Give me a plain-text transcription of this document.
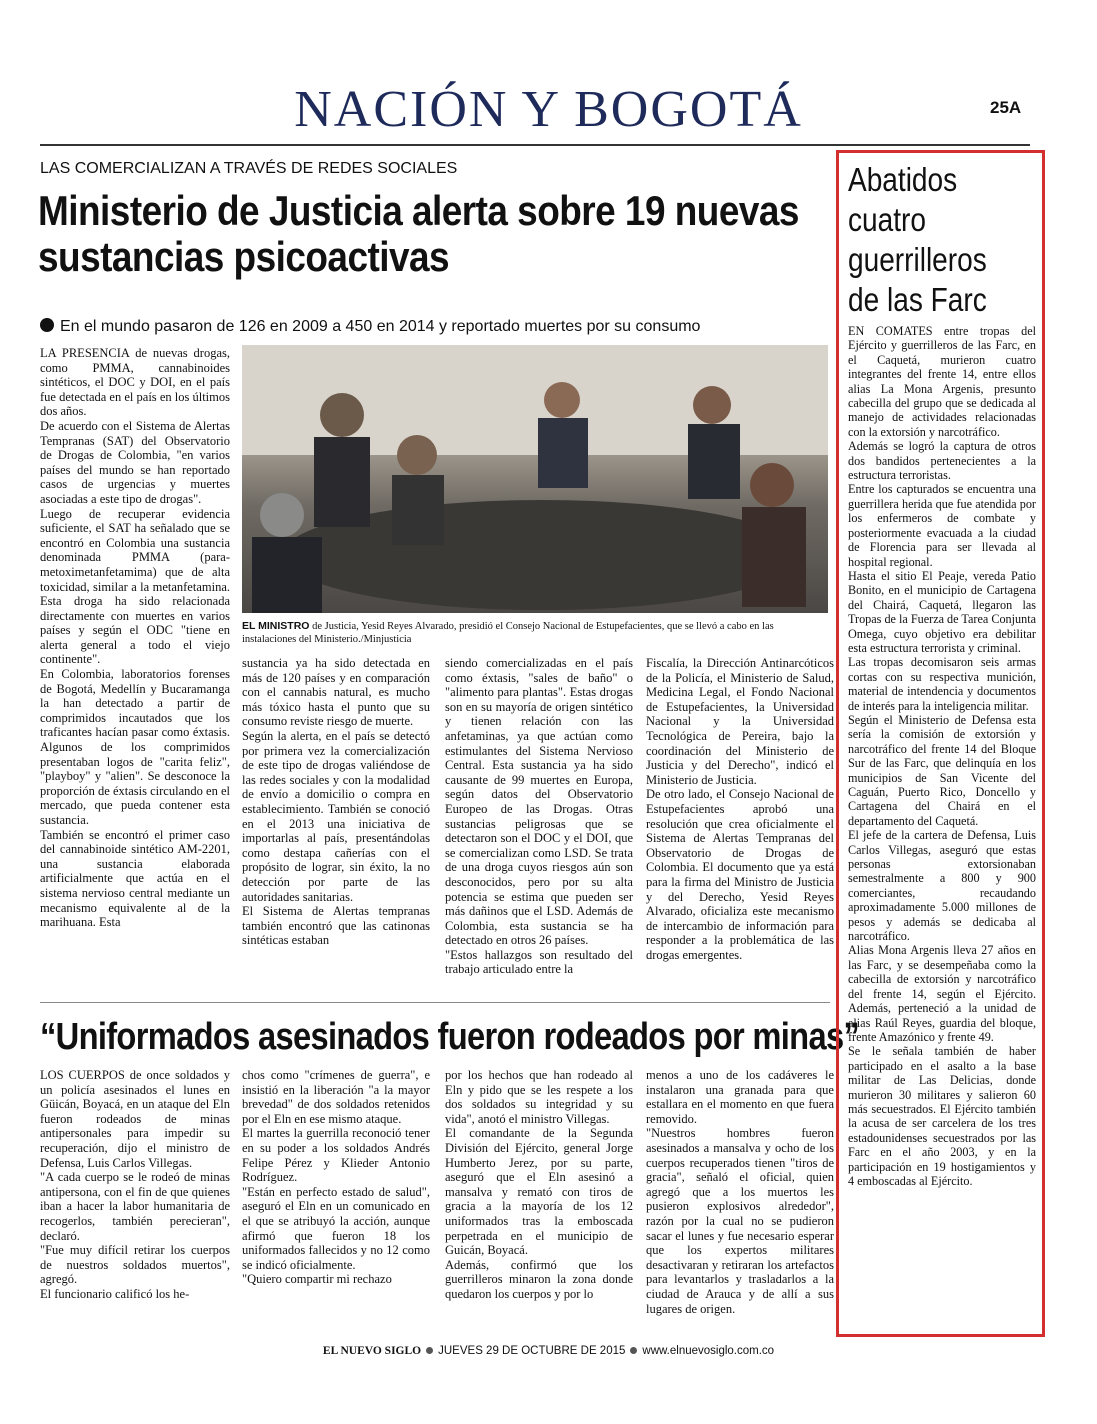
NACIÓN Y BOGOTÁ	25A
LAS COMERCIALIZAN A TRAVÉS DE REDES SOCIALES
Ministerio de Justicia alerta sobre 19 nuevas sustancias psicoactivas
En el mundo pasaron de 126 en 2009 a 450 en 2014 y reportado muertes por su consumo
LA PRESENCIA de nuevas drogas, como PMMA, cannabinoides sintéticos, el DOC y DOI, en el país fue detectada en el país en los últimos dos años.
De acuerdo con el Sistema de Alertas Tempranas (SAT) del Observatorio de Drogas de Colombia, "en varios países del mundo se han reportado casos de urgencias y muertes asociadas a este tipo de drogas".
Luego de recuperar evidencia suficiente, el SAT ha señalado que se encontró en Colombia una sustancia denominada PMMA (para-metoximetanfetamima) que de alta toxicidad, similar a la metanfetamina. Esta droga ha sido relacionada directamente con muertes en varios países y según el ODC "tiene en alerta general a todo el viejo continente".
En Colombia, laboratorios forenses de Bogotá, Medellín y Bucaramanga la han detectado a partir de comprimidos incautados que los traficantes hacían pasar como éxtasis. Algunos de los comprimidos presentaban logos de "carita feliz", "playboy" y "alien". Se desconoce la proporción de éxtasis circulando en el mercado, que pueda contener esta sustancia.
También se encontró el primer caso del cannabinoide sintético AM-2201, una sustancia elaborada artificialmente que actúa en el sistema nervioso central mediante un mecanismo equivalente al de la marihuana. Esta
EL MINISTRO de Justicia, Yesid Reyes Alvarado, presidió el Consejo Nacional de Estupefacientes, que se llevó a cabo en las instalaciones del Ministerio./Minjusticia
sustancia ya ha sido detectada en más de 120 países y en comparación con el cannabis natural, es mucho más tóxico hasta el punto que su consumo reviste riesgo de muerte.
Según la alerta, en el país se detectó por primera vez la comercialización de este tipo de drogas valiéndose de las redes sociales y con la modalidad de envío a domicilio o compra en establecimiento. También se conoció en el 2013 una iniciativa de importarlas al país, presentándolas como destapa cañerías con el propósito de lograr, sin éxito, la no detección por parte de las autoridades sanitarias.
El Sistema de Alertas tempranas también encontró que las catinonas sintéticas estaban
siendo comercializadas en el país como éxtasis, "sales de baño" o "alimento para plantas". Estas drogas son en su mayoría de origen sintético y tienen relación con las anfetaminas, ya que actúan como estimulantes del Sistema Nervioso Central. Esta sustancia ya ha sido causante de 99 muertes en Europa, según datos del Observatorio Europeo de las Drogas. Otras sustancias peligrosas que se detectaron son el DOC y el DOI, que se comercializan como LSD. Se trata de una droga cuyos riesgos aún son desconocidos, pero por su alta potencia se estima que pueden ser más dañinos que el LSD. Además de Colombia, esta sustancia se ha detectado en otros 26 países.
"Estos hallazgos son resultado del trabajo articulado entre la
Fiscalía, la Dirección Antinarcóticos de la Policía, el Ministerio de Salud, Medicina Legal, el Fondo Nacional de Estupefacientes, la Universidad Nacional y la Universidad Tecnológica de Pereira, bajo la coordinación del Ministerio de Justicia y del Derecho", indicó el Ministerio de Justicia.
De otro lado, el Consejo Nacional de Estupefacientes aprobó una resolución que crea oficialmente el Sistema de Alertas Tempranas del Observatorio de Drogas de Colombia. El documento que ya está para la firma del Ministro de Justicia y del Derecho, Yesid Reyes Alvarado, oficializa este mecanismo de intercambio de información para responder a la problemática de las drogas emergentes.
“Uniformados asesinados fueron rodeados por minas”
LOS CUERPOS de once soldados y un policía asesinados el lunes en Güicán, Boyacá, en un ataque del Eln fueron rodeados de minas antipersonales para impedir su recuperación, dijo el ministro de Defensa, Luis Carlos Villegas.
"A cada cuerpo se le rodeó de minas antipersona, con el fin de que quienes iban a hacer la labor humanitaria de recogerlos, también perecieran", declaró.
"Fue muy difícil retirar los cuerpos de nuestros soldados muertos", agregó.
El funcionario calificó los he-
chos como "crímenes de guerra", e insistió en la liberación "a la mayor brevedad" de dos soldados retenidos por el Eln en ese mismo ataque.
El martes la guerrilla reconoció tener en su poder a los soldados Andrés Felipe Pérez y Klieder Antonio Rodríguez.
"Están en perfecto estado de salud", aseguró el Eln en un comunicado en el que se atribuyó la acción, aunque afirmó que fueron 18 los uniformados fallecidos y no 12 como se indicó oficialmente.
"Quiero compartir mi rechazo
por los hechos que han rodeado al Eln y pido que se les respete a los dos soldados su integridad y su vida", anotó el ministro Villegas.
El comandante de la Segunda División del Ejército, general Jorge Humberto Jerez, por su parte, aseguró que el Eln asesinó a mansalva y remató con tiros de gracia a la mayoría de los 12 uniformados tras la emboscada perpetrada en el municipio de Guicán, Boyacá.
Además, confirmó que los guerrilleros minaron la zona donde quedaron los cuerpos y por lo
menos a uno de los cadáveres le instalaron una granada para que estallara en el momento en que fuera removido.
"Nuestros hombres fueron asesinados a mansalva y ocho de los cuerpos recuperados tienen "tiros de gracia", señaló el oficial, quien agregó que a los muertos les pusieron explosivos alrededor", razón por la cual no se pudieron sacar el lunes y fue necesario esperar que los expertos militares desactivaran y retiraran los artefactos para levantarlos y trasladarlos a la ciudad de Arauca y de allí a sus lugares de origen.
Abatidos cuatro guerrilleros de las Farc
EN COMATES entre tropas del Ejército y guerrilleros de las Farc, en el Caquetá, murieron cuatro integrantes del frente 14, entre ellos alias La Mona Argenis, presunto cabecilla del grupo que se dedicada al manejo de actividades relacionadas con la extorsión y narcotráfico.
Además se logró la captura de otros dos bandidos pertenecientes a la estructura terroristas.
Entre los capturados se encuentra una guerrillera herida que fue atendida por los enfermeros de combate y posteriormente evacuada a la ciudad de Florencia para ser llevada al hospital regional.
Hasta el sitio El Peaje, vereda Patio Bonito, en el municipio de Cartagena del Chairá, Caquetá, llegaron las Tropas de la Fuerza de Tarea Conjunta Omega, cuyo objetivo era debilitar esta estructura terrorista y criminal.
Las tropas decomisaron seis armas cortas con su respectiva munición, material de intendencia y documentos de interés para la inteligencia militar.
Según el Ministerio de Defensa esta sería la comisión de extorsión y narcotráfico del frente 14 del Bloque Sur de las Farc, que delinquía en los municipios de San Vicente del Caguán, Puerto Rico, Doncello y Cartagena del Chairá en el departamento del Caquetá.
El jefe de la cartera de Defensa, Luis Carlos Villegas, aseguró que estas personas extorsionaban semestralmente a 800 y 900 comerciantes, recaudando aproximadamente 5.000 millones de pesos y además se dedicaba al narcotráfico.
Alias Mona Argenis lleva 27 años en las Farc, y se desempeñaba como la cabecilla de extorsión y narcotráfico del frente 14, según el Ejército. Además, perteneció a la unidad de alias Raúl Reyes, guardia del bloque, frente Amazónico y frente 49.
Se le señala también de haber participado en el asalto a la base militar de Las Delicias, donde murieron 30 militares y salieron 60 más secuestrados. El Ejército también la acusa de ser carcelera de los tres estadounidenses secuestrados por las Farc en el año 2003, y en la participación en 19 hostigamientos y 4 emboscadas al Ejército.
EL NUEVO SIGLO JUEVES 29 DE OCTUBRE DE 2015 www.elnuevosiglo.com.co
